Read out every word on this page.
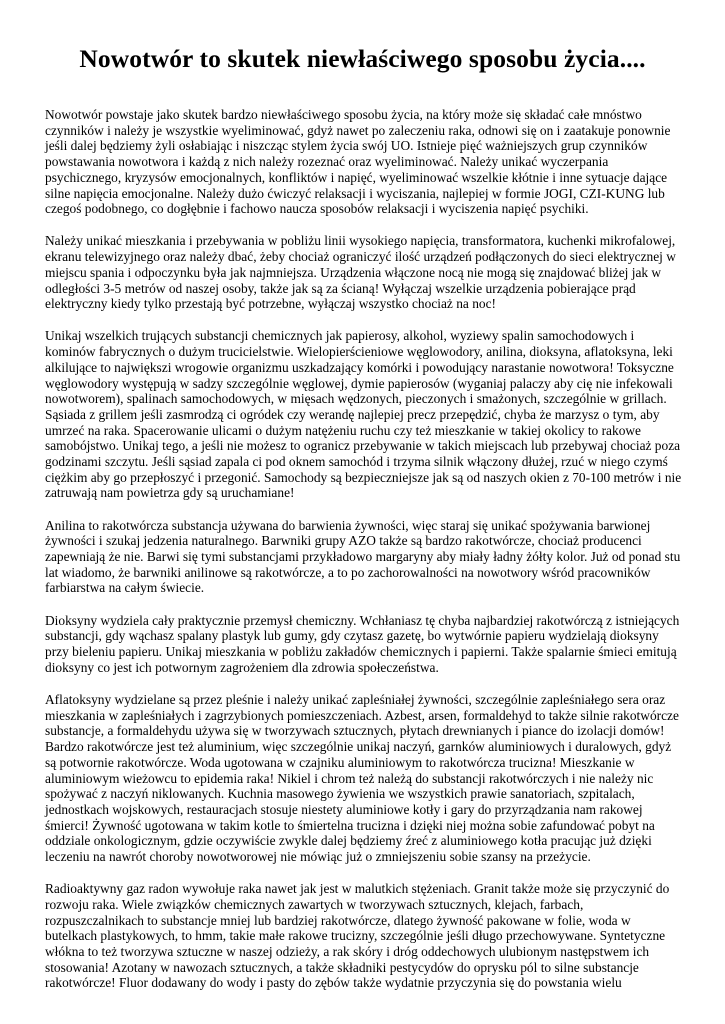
Nowotwór to skutek niewłaściwego sposobu życia....

Nowotwór powstaje jako skutek bardzo niewłaściwego sposobu życia, na który może się składać całe mnóstwo czynników i należy je wszystkie wyeliminować, gdyż nawet po zaleczeniu raka, odnowi się on i zaatakuje ponownie jeśli dalej będziemy żyli osłabiając i niszcząc stylem życia swój UO. Istnieje pięć ważniejszych grup czynników powstawania nowotwora i każdą z nich należy rozeznać oraz wyeliminować. Należy unikać wyczerpania psychicznego, kryzysów emocjonalnych, konfliktów i napięć, wyeliminować wszelkie kłótnie i inne sytuacje dające silne napięcia emocjonalne. Należy dużo ćwiczyć relaksacji i wyciszania, najlepiej w formie JOGI, CZI-KUNG lub czegoś podobnego, co dogłębnie i fachowo naucza sposobów relaksacji i wyciszenia napięć psychiki.

Należy unikać mieszkania i przebywania w pobliżu linii wysokiego napięcia, transformatora, kuchenki mikrofalowej, ekranu telewizyjnego oraz należy dbać, żeby chociaż ograniczyć ilość urządzeń podłączonych do sieci elektrycznej w miejscu spania i odpoczynku była jak najmniejsza. Urządzenia włączone nocą nie mogą się znajdować bliżej jak w odległości 3-5 metrów od naszej osoby, także jak są za ścianą! Wyłączaj wszelkie urządzenia pobierające prąd elektryczny kiedy tylko przestają być potrzebne, wyłączaj wszystko chociaż na noc!

Unikaj wszelkich trujących substancji chemicznych jak papierosy, alkohol, wyziewy spalin samochodowych i kominów fabrycznych o dużym trucicielstwie. Wielopierścieniowe węglowodory, anilina, dioksyna, aflatoksyna, leki alkilujące to największi wrogowie organizmu uszkadzający komórki i powodujący narastanie nowotwora! Toksyczne węglowodory występują w sadzy szczególnie węglowej, dymie papierosów (wyganiaj palaczy aby cię nie infekowali nowotworem), spalinach samochodowych, w mięsach wędzonych, pieczonych i smażonych, szczególnie w grillach. Sąsiada z grillem jeśli zasmrodzą ci ogródek czy werandę najlepiej precz przepędzić, chyba że marzysz o tym, aby umrzeć na raka. Spacerowanie ulicami o dużym natężeniu ruchu czy też mieszkanie w takiej okolicy to rakowe samobójstwo. Unikaj tego, a jeśli nie możesz to ogranicz przebywanie w takich miejscach lub przebywaj chociaż poza godzinami szczytu. Jeśli sąsiad zapala ci pod oknem samochód i trzyma silnik włączony dłużej, rzuć w niego czymś ciężkim aby go przepłoszyć i przegonić. Samochody są bezpieczniejsze jak są od naszych okien z 70-100 metrów i nie zatruwają nam powietrza gdy są uruchamiane!

Anilina to rakotwórcza substancja używana do barwienia żywności, więc staraj się unikać spożywania barwionej żywności i szukaj jedzenia naturalnego. Barwniki grupy AZO także są bardzo rakotwórcze, chociaż producenci zapewniają że nie. Barwi się tymi substancjami przykładowo margaryny aby miały ładny żółty kolor. Już od ponad stu lat wiadomo, że barwniki anilinowe są rakotwórcze, a to po zachorowalności na nowotwory wśród pracowników farbiarstwa na całym świecie.

Dioksyny wydziela cały praktycznie przemysł chemiczny. Wchłaniasz tę chyba najbardziej rakotwórczą z istniejących substancji, gdy wąchasz spalany plastyk lub gumy, gdy czytasz gazetę, bo wytwórnie papieru wydzielają dioksyny przy bieleniu papieru. Unikaj mieszkania w pobliżu zakładów chemicznych i papierni. Także spalarnie śmieci emitują dioksyny co jest ich potwornym zagrożeniem dla zdrowia społeczeństwa.

Aflatoksyny wydzielane są przez pleśnie i należy unikać zapleśniałej żywności, szczególnie zapleśniałego sera oraz mieszkania w zapleśniałych i zagrzybionych pomieszczeniach. Azbest, arsen, formaldehyd to także silnie rakotwórcze substancje, a formaldehydu używa się w tworzywach sztucznych, płytach drewnianych i piance do izolacji domów! Bardzo rakotwórcze jest też aluminium, więc szczególnie unikaj naczyń, garnków aluminiowych i duralowych, gdyż są potwornie rakotwórcze. Woda ugotowana w czajniku aluminiowym to rakotwórcza trucizna! Mieszkanie w aluminiowym wieżowcu to epidemia raka! Nikiel i chrom też należą do substancji rakotwórczych i nie należy nic spożywać z naczyń niklowanych. Kuchnia masowego żywienia we wszystkich prawie sanatoriach, szpitalach, jednostkach wojskowych, restauracjach stosuje niestety aluminiowe kotły i gary do przyrządzania nam rakowej śmierci! Żywność ugotowana w takim kotle to śmiertelna trucizna i dzięki niej można sobie zafundować pobyt na oddziale onkologicznym, gdzie oczywiście zwykle dalej będziemy źreć z aluminiowego kotła pracując już dzięki leczeniu na nawrót choroby nowotworowej nie mówiąc już o zmniejszeniu sobie szansy na przeżycie.

Radioaktywny gaz radon wywołuje raka nawet jak jest w malutkich stężeniach. Granit także może się przyczynić do rozwoju raka. Wiele związków chemicznych zawartych w tworzywach sztucznych, klejach, farbach, rozpuszczalnikach to substancje mniej lub bardziej rakotwórcze, dlatego żywność pakowane w folie, woda w butelkach plastykowych, to hmm, takie małe rakowe trucizny, szczególnie jeśli długo przechowywane. Syntetyczne włókna to też tworzywa sztuczne w naszej odzieży, a rak skóry i dróg oddechowych ulubionym następstwem ich stosowania! Azotany w nawozach sztucznych, a także składniki pestycydów do oprysku pól to silne substancje rakotwórcze! Fluor dodawany do wody i pasty do zębów także wydatnie przyczynia się do powstania wielu
